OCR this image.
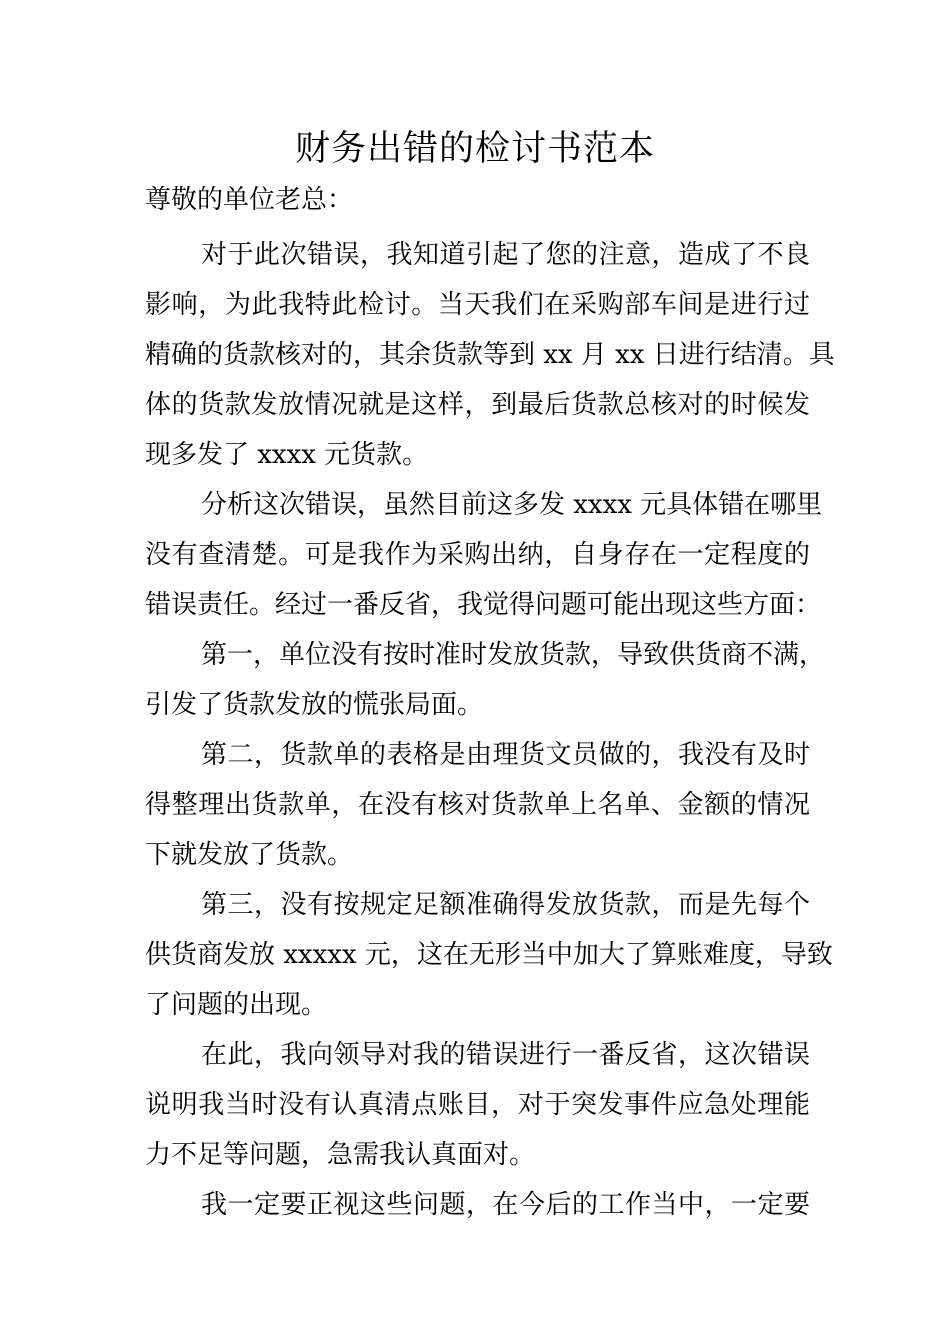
财务出错的检讨书范本

尊敬的单位老总：

对于此次错误，我知道引起了您的注意，造成了不良
影响，为此我特此检讨。当天我们在采购部车间是进行过
精确的货款核对的，其余货款等到 xx 月 xx 日进行结清。具
体的货款发放情况就是这样，到最后货款总核对的时候发
现多发了 xxxx 元货款。
分析这次错误，虽然目前这多发 xxxx 元具体错在哪里
没有查清楚。可是我作为采购出纳，自身存在一定程度的
错误责任。经过一番反省，我觉得问题可能出现这些方面：
第一，单位没有按时准时发放货款，导致供货商不满，
引发了货款发放的慌张局面。
第二，货款单的表格是由理货文员做的，我没有及时
得整理出货款单，在没有核对货款单上名单、金额的情况
下就发放了货款。
第三，没有按规定足额准确得发放货款，而是先每个
供货商发放 xxxxx 元，这在无形当中加大了算账难度，导致
了问题的出现。
在此，我向领导对我的错误进行一番反省，这次错误
说明我当时没有认真清点账目，对于突发事件应急处理能
力不足等问题，急需我认真面对。
我一定要正视这些问题，在今后的工作当中，一定要
